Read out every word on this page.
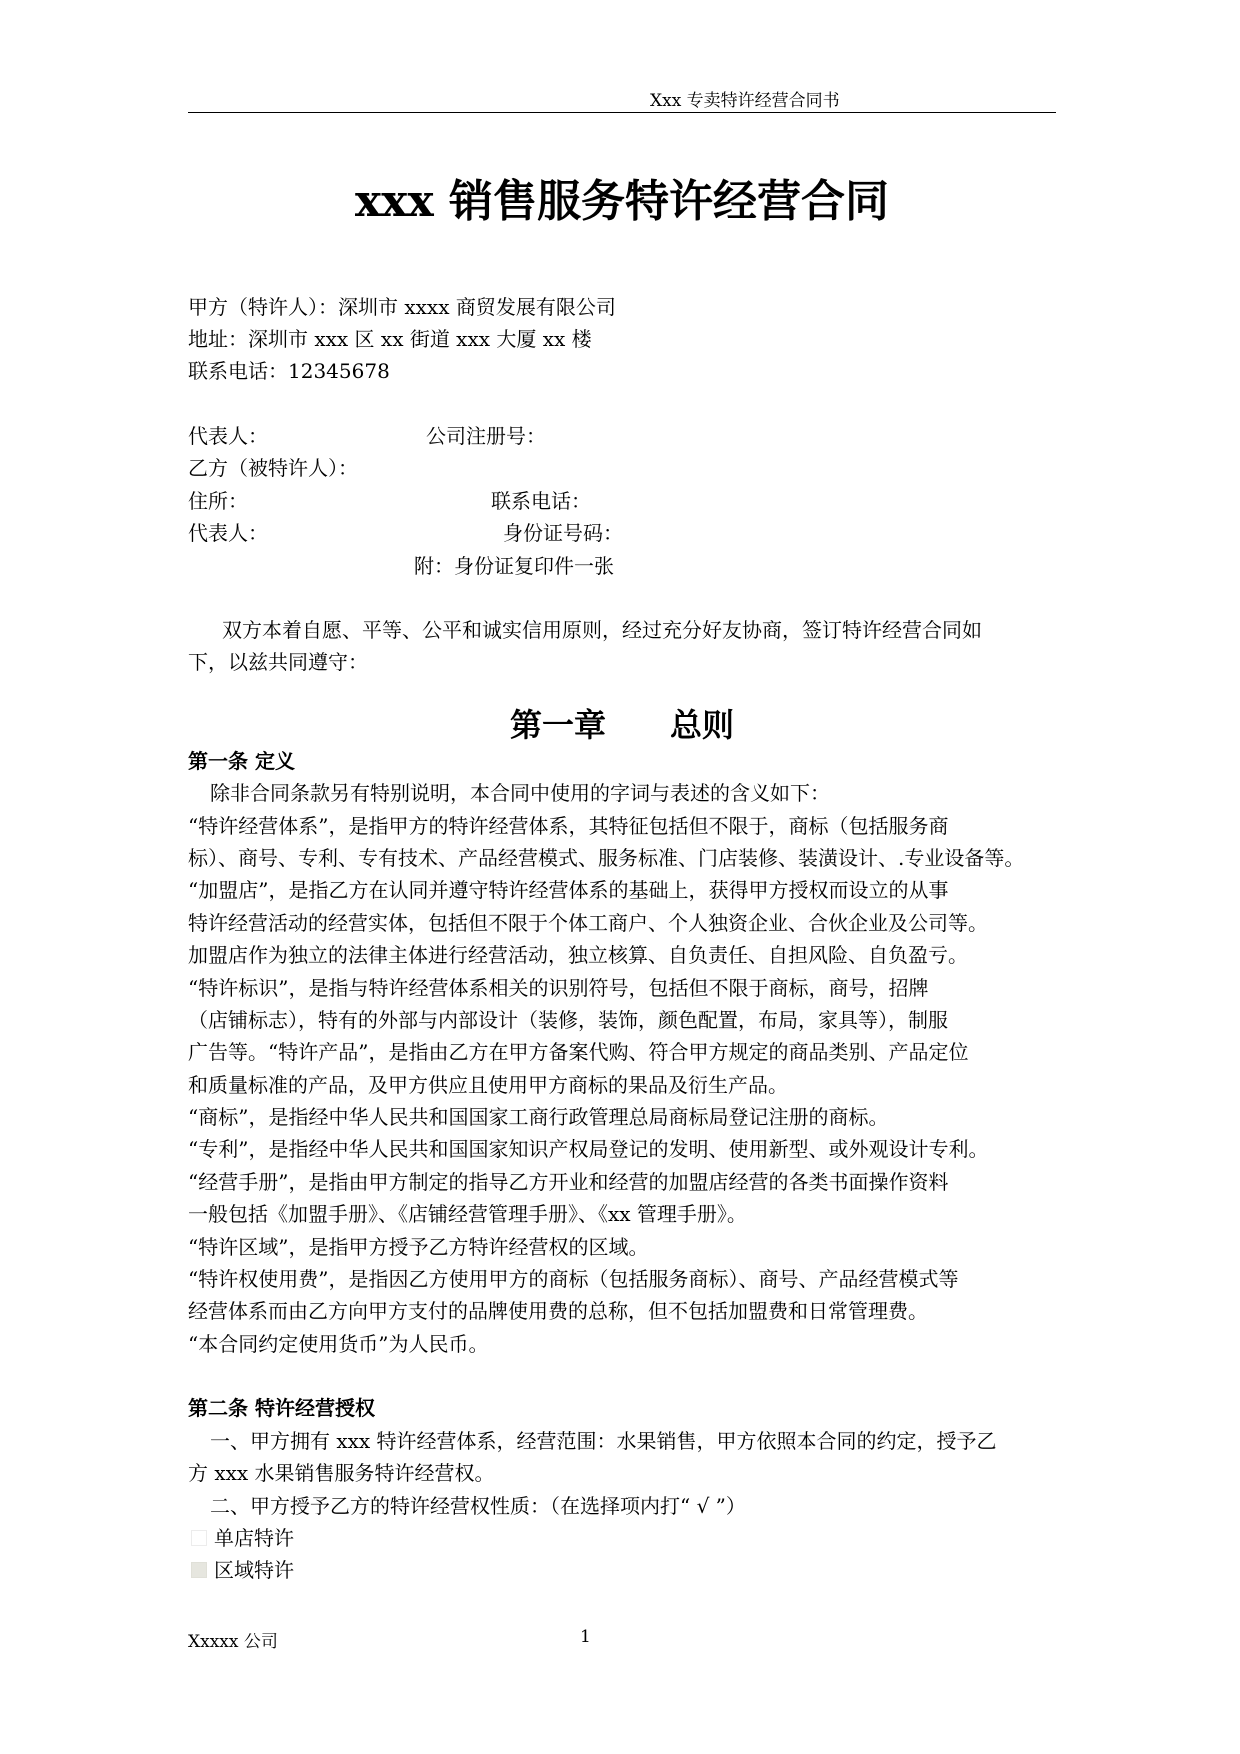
Xxx 专卖特许经营合同书
xxx 销售服务特许经营合同
甲方（特许人）：深圳市 xxxx 商贸发展有限公司
地址：深圳市 xxx 区 xx 街道 xxx 大厦 xx 楼
联系电话：12345678
代表人：	公司注册号：
乙方（被特许人）：
住所：	联系电话：
代表人：	身份证号码：
附：身份证复印件一张
双方本着自愿、平等、公平和诚实信用原则，经过充分好友协商，签订特许经营合同如
下，以兹共同遵守：
第一章 总则
第一条 定义
除非合同条款另有特别说明，本合同中使用的字词与表述的含义如下：
“特许经营体系”，是指甲方的特许经营体系，其特征包括但不限于，商标（包括服务商
标）、商号、专利、专有技术、产品经营模式、服务标准、门店装修、装潢设计、.专业设备等。
“加盟店”，是指乙方在认同并遵守特许经营体系的基础上，获得甲方授权而设立的从事
特许经营活动的经营实体，包括但不限于个体工商户、个人独资企业、合伙企业及公司等。
加盟店作为独立的法律主体进行经营活动，独立核算、自负责任、自担风险、自负盈亏。
“特许标识”，是指与特许经营体系相关的识别符号，包括但不限于商标，商号，招牌
（店铺标志），特有的外部与内部设计（装修，装饰，颜色配置，布局，家具等），制服
广告等。“特许产品”，是指由乙方在甲方备案代购、符合甲方规定的商品类别、产品定位
和质量标准的产品，及甲方供应且使用甲方商标的果品及衍生产品。
“商标”，是指经中华人民共和国国家工商行政管理总局商标局登记注册的商标。
“专利”，是指经中华人民共和国国家知识产权局登记的发明、使用新型、或外观设计专利。
“经营手册”，是指由甲方制定的指导乙方开业和经营的加盟店经营的各类书面操作资料
一般包括《加盟手册》、《店铺经营管理手册》、《xx 管理手册》。
“特许区域”，是指甲方授予乙方特许经营权的区域。
“特许权使用费”，是指因乙方使用甲方的商标（包括服务商标）、商号、产品经营模式等
经营体系而由乙方向甲方支付的品牌使用费的总称，但不包括加盟费和日常管理费。
“本合同约定使用货币”为人民币。
第二条 特许经营授权
一、甲方拥有 xxx 特许经营体系，经营范围：水果销售，甲方依照本合同的约定，授予乙
方 xxx 水果销售服务特许经营权。
二、甲方授予乙方的特许经营权性质：（在选择项内打“ √ ”）
单店特许
区域特许
Xxxxx 公司	1
